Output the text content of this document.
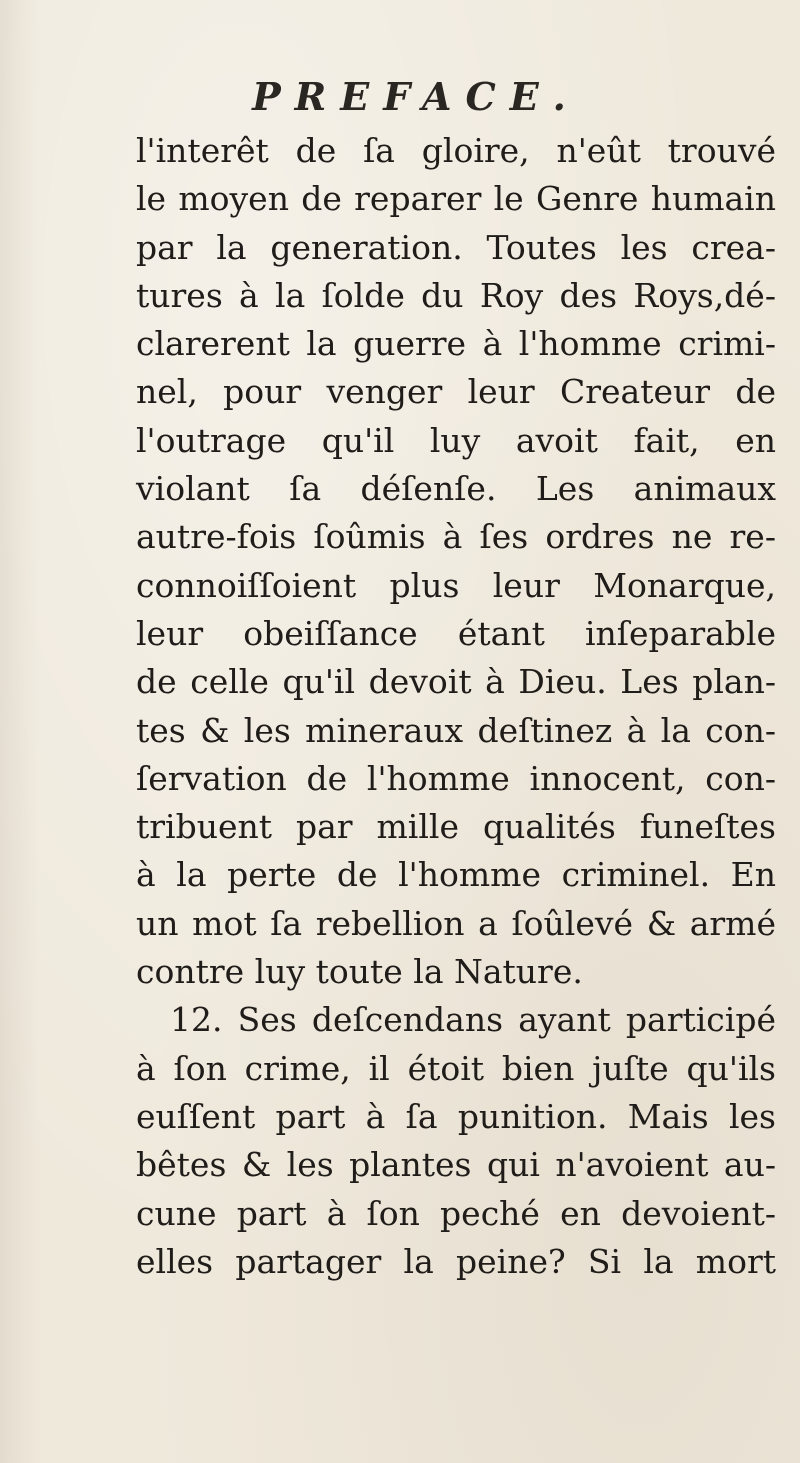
PREFACE.
l'interêt de ſa gloire, n'eût trouvé
le moyen de reparer le Genre humain
par la generation. Toutes les crea-
tures à la ſolde du Roy des Roys,dé-
clarerent la guerre à l'homme crimi-
nel, pour venger leur Createur de
l'outrage qu'il luy avoit fait, en
violant ſa déſenſe. Les animaux
autre-fois ſoûmis à ſes ordres ne re-
connoiſſoient plus leur Monarque,
leur obeiſſance étant inſeparable
de celle qu'il devoit à Dieu. Les plan-
tes & les mineraux deſtinez à la con-
ſervation de l'homme innocent, con-
tribuent par mille qualités funeſtes
à la perte de l'homme criminel. En
un mot ſa rebellion a ſoûlevé & armé
contre luy toute la Nature.
12. Ses deſcendans ayant participé
à ſon crime, il étoit bien juſte qu'ils
euſſent part à ſa punition. Mais les
bêtes & les plantes qui n'avoient au-
cune part à ſon peché en devoient-
elles partager la peine? Si la mort
